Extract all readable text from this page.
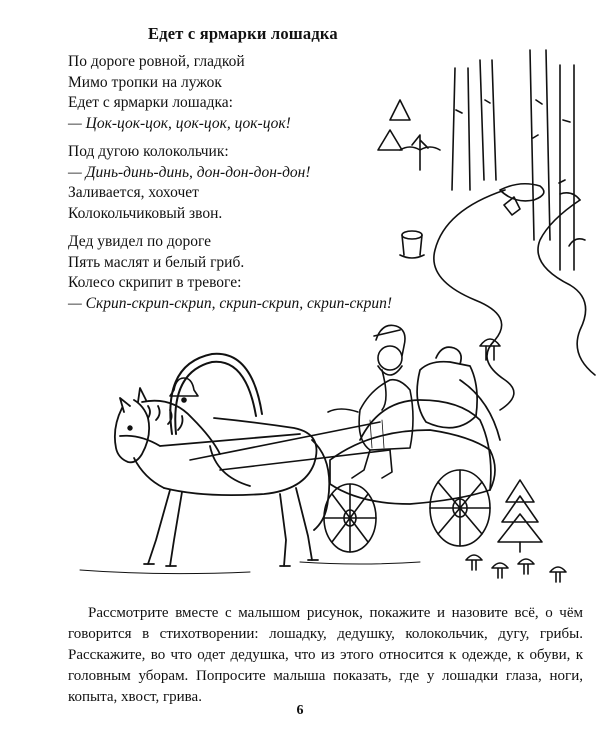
Едет с ярмарки лошадка
По дороге ровной, гладкой
Мимо тропки на лужок
Едет с ярмарки лошадка:
— Цок-цок-цок, цок-цок, цок-цок!
Под дугою колокольчик:
— Динь-динь-динь, дон-дон-дон-дон!
Заливается, хохочет
Колокольчиковый звон.
Дед увидел по дороге
Пять маслят и белый гриб.
Колесо скрипит в тревоге:
— Скрип-скрип-скрип, скрип-скрип, скрип-скрип!

Рассмотрите вместе с малышом рисунок, покажите и назовите всё, о чём говорится в стихотворении: лошадку, дедушку, колокольчик, дугу, грибы. Расскажите, во что одет дедушка, что из этого относится к одежде, к обуви, к головным уборам. Попросите малыша показать, где у лошадки глаза, ноги, копыта, хвост, грива.

6
